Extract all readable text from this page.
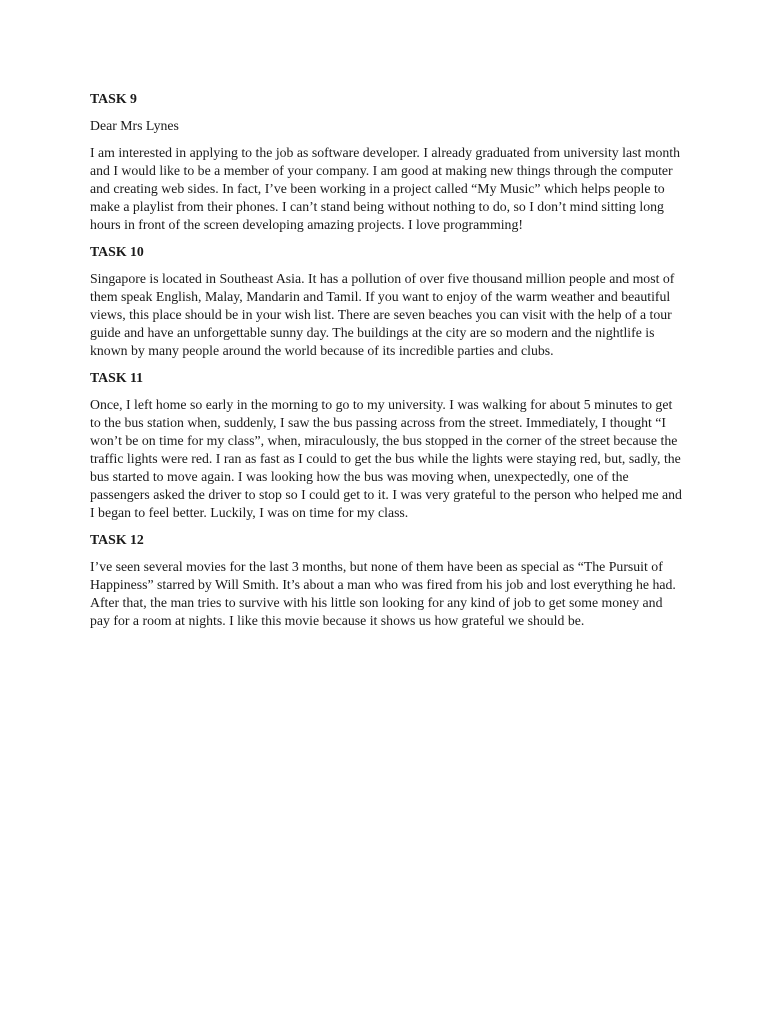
TASK 9
Dear Mrs Lynes

I am interested in applying to the job as software developer. I already graduated from university last month and I would like to be a member of your company. I am good at making new things through the computer and creating web sides. In fact, I’ve been working in a project called “My Music” which helps people to make a playlist from their phones. I can’t stand being without nothing to do, so I don’t mind sitting long hours in front of the screen developing amazing projects. I love programming!

TASK 10

Singapore is located in Southeast Asia. It has a pollution of over five thousand million people and most of them speak English, Malay, Mandarin and Tamil. If you want to enjoy of the warm weather and beautiful views, this place should be in your wish list. There are seven beaches you can visit with the help of a tour guide and have an unforgettable sunny day. The buildings at the city are so modern and the nightlife is known by many people around the world because of its incredible parties and clubs.

TASK 11

Once, I left home so early in the morning to go to my university. I was walking for about 5 minutes to get to the bus station when, suddenly, I saw the bus passing across from the street. Immediately, I thought “I won’t be on time for my class”, when, miraculously, the bus stopped in the corner of the street because the traffic lights were red. I ran as fast as I could to get the bus while the lights were staying red, but, sadly, the bus started to move again. I was looking how the bus was moving when, unexpectedly, one of the passengers asked the driver to stop so I could get to it. I was very grateful to the person who helped me and I began to feel better. Luckily, I was on time for my class.

TASK 12

I’ve seen several movies for the last 3 months, but none of them have been as special as “The Pursuit of Happiness” starred by Will Smith. It’s about a man who was fired from his job and lost everything he had. After that, the man tries to survive with his little son looking for any kind of job to get some money and pay for a room at nights. I like this movie because it shows us how grateful we should be.
